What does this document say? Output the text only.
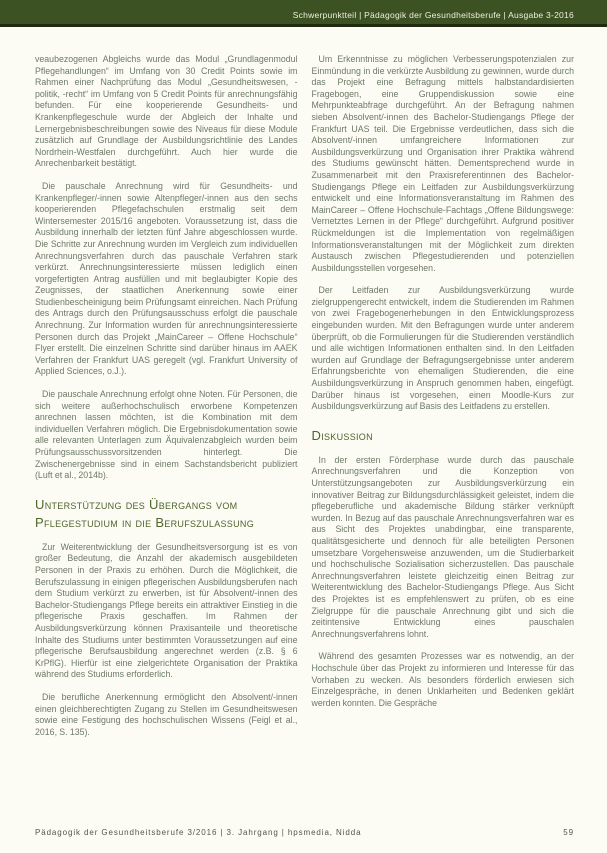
Schwerpunktteil | Pädagogik der Gesundheitsberufe | Ausgabe 3-2016

veaubezogenen Abgleichs wurde das Modul „Grundlagenmodul Pflegehandlungen“ im Umfang von 30 Credit Points sowie im Rahmen einer Nachprüfung das Modul „Gesundheitswesen, -politik, -recht“ im Umfang von 5 Credit Points für anrechnungsfähig befunden. Für eine kooperierende Gesundheits- und Krankenpflegeschule wurde der Abgleich der Inhalte und Lernergebnisbeschreibungen sowie des Niveaus für diese Module zusätzlich auf Grundlage der Ausbildungsrichtlinie des Landes Nordrhein-Westfalen durchgeführt. Auch hier wurde die Anrechenbarkeit bestätigt.

Die pauschale Anrechnung wird für Gesundheits- und Krankenpfleger/-innen sowie Altenpfleger/-innen aus den sechs kooperierenden Pflegefachschulen erstmalig seit dem Wintersemester 2015/16 angeboten. Voraussetzung ist, dass die Ausbildung innerhalb der letzten fünf Jahre abgeschlossen wurde. Die Schritte zur Anrechnung wurden im Vergleich zum individuellen Anrechnungsverfahren durch das pauschale Verfahren stark verkürzt. Anrechnungsinteressierte müssen lediglich einen vorgefertigten Antrag ausfüllen und mit beglaubigter Kopie des Zeugnisses, der staatlichen Anerkennung sowie einer Studienbescheinigung beim Prüfungsamt einreichen. Nach Prüfung des Antrags durch den Prüfungsausschuss erfolgt die pauschale Anrechnung. Zur Information wurden für anrechnungsinteressierte Personen durch das Projekt „MainCareer – Offene Hochschule“ Flyer erstellt. Die einzelnen Schritte sind darüber hinaus im AAEK Verfahren der Frankfurt UAS geregelt (vgl. Frankfurt University of Applied Sciences, o.J.).

Die pauschale Anrechnung erfolgt ohne Noten. Für Personen, die sich weitere außerhochschulisch erworbene Kompetenzen anrechnen lassen möchten, ist die Kombination mit dem individuellen Verfahren möglich. Die Ergebnisdokumentation sowie alle relevanten Unterlagen zum Äquivalenzabgleich wurden beim Prüfungsausschussvorsitzenden hinterlegt. Die Zwischenergebnisse sind in einem Sachstandsbericht publiziert (Luft et al., 2014b).

Unterstützung des Übergangs vom Pflegestudium in die Berufszulassung

Zur Weiterentwicklung der Gesundheitsversorgung ist es von großer Bedeutung, die Anzahl der akademisch ausgebildeten Personen in der Praxis zu erhöhen. Durch die Möglichkeit, die Berufszulassung in einigen pflegerischen Ausbildungsberufen nach dem Studium verkürzt zu erwerben, ist für Absolvent/-innen des Bachelor-Studiengangs Pflege bereits ein attraktiver Einstieg in die pflegerische Praxis geschaffen. Im Rahmen der Ausbildungsverkürzung können Praxisanteile und theoretische Inhalte des Studiums unter bestimmten Voraussetzungen auf eine pflegerische Berufsausbildung angerechnet werden (z.B. § 6 KrPflG). Hierfür ist eine zielgerichtete Organisation der Praktika während des Studiums erforderlich.

Die berufliche Anerkennung ermöglicht den Absolvent/-innen einen gleichberechtigten Zugang zu Stellen im Gesundheitswesen sowie eine Festigung des hochschulischen Wissens (Feigl et al., 2016, S. 135).

Um Erkenntnisse zu möglichen Verbesserungspotenzialen zur Einmündung in die verkürzte Ausbildung zu gewinnen, wurde durch das Projekt eine Befragung mittels halbstandardisierten Fragebogen, eine Gruppendiskussion sowie eine Mehrpunkteabfrage durchgeführt. An der Befragung nahmen sieben Absolvent/-innen des Bachelor-Studiengangs Pflege der Frankfurt UAS teil. Die Ergebnisse verdeutlichen, dass sich die Absolvent/-innen umfangreichere Informationen zur Ausbildungsverkürzung und Organisation ihrer Praktika während des Studiums gewünscht hätten. Dementsprechend wurde in Zusammenarbeit mit den Praxisreferentinnen des Bachelor-Studiengangs Pflege ein Leitfaden zur Ausbildungsverkürzung entwickelt und eine Informationsveranstaltung im Rahmen des MainCareer – Offene Hochschule-Fachtags „Offene Bildungswege: Vernetztes Lernen in der Pflege“ durchgeführt. Aufgrund positiver Rückmeldungen ist die Implementation von regelmäßigen Informationsveranstaltungen mit der Möglichkeit zum direkten Austausch zwischen Pflegestudierenden und potenziellen Ausbildungsstellen vorgesehen.

Der Leitfaden zur Ausbildungsverkürzung wurde zielgruppengerecht entwickelt, indem die Studierenden im Rahmen von zwei Fragebogenerhebungen in den Entwicklungsprozess eingebunden wurden. Mit den Befragungen wurde unter anderem überprüft, ob die Formulierungen für die Studierenden verständlich und alle wichtigen Informationen enthalten sind. In den Leitfaden wurden auf Grundlage der Befragungsergebnisse unter anderem Erfahrungsberichte von ehemaligen Studierenden, die eine Ausbildungsverkürzung in Anspruch genommen haben, eingefügt. Darüber hinaus ist vorgesehen, einen Moodle-Kurs zur Ausbildungsverkürzung auf Basis des Leitfadens zu erstellen.

Diskussion

In der ersten Förderphase wurde durch das pauschale Anrechnungsverfahren und die Konzeption von Unterstützungsangeboten zur Ausbildungsverkürzung ein innovativer Beitrag zur Bildungsdurchlässigkeit geleistet, indem die pflegeberufliche und akademische Bildung stärker verknüpft wurden. In Bezug auf das pauschale Anrechnungsverfahren war es aus Sicht des Projektes unabdingbar, eine transparente, qualitätsgesicherte und dennoch für alle beteiligten Personen umsetzbare Vorgehensweise anzuwenden, um die Studierbarkeit und hochschulische Sozialisation sicherzustellen. Das pauschale Anrechnungsverfahren leistete gleichzeitig einen Beitrag zur Weiterentwicklung des Bachelor-Studiengangs Pflege. Aus Sicht des Projektes ist es empfehlenswert zu prüfen, ob es eine Zielgruppe für die pauschale Anrechnung gibt und sich die zeitintensive Entwicklung eines pauschalen Anrechnungsverfahrens lohnt.

Während des gesamten Prozesses war es notwendig, an der Hochschule über das Projekt zu informieren und Interesse für das Vorhaben zu wecken. Als besonders förderlich erwiesen sich Einzelgespräche, in denen Unklarheiten und Bedenken geklärt werden konnten. Die Gespräche

Pädagogik der Gesundheitsberufe 3/2016 | 3. Jahrgang | hpsmedia, Nidda	59
